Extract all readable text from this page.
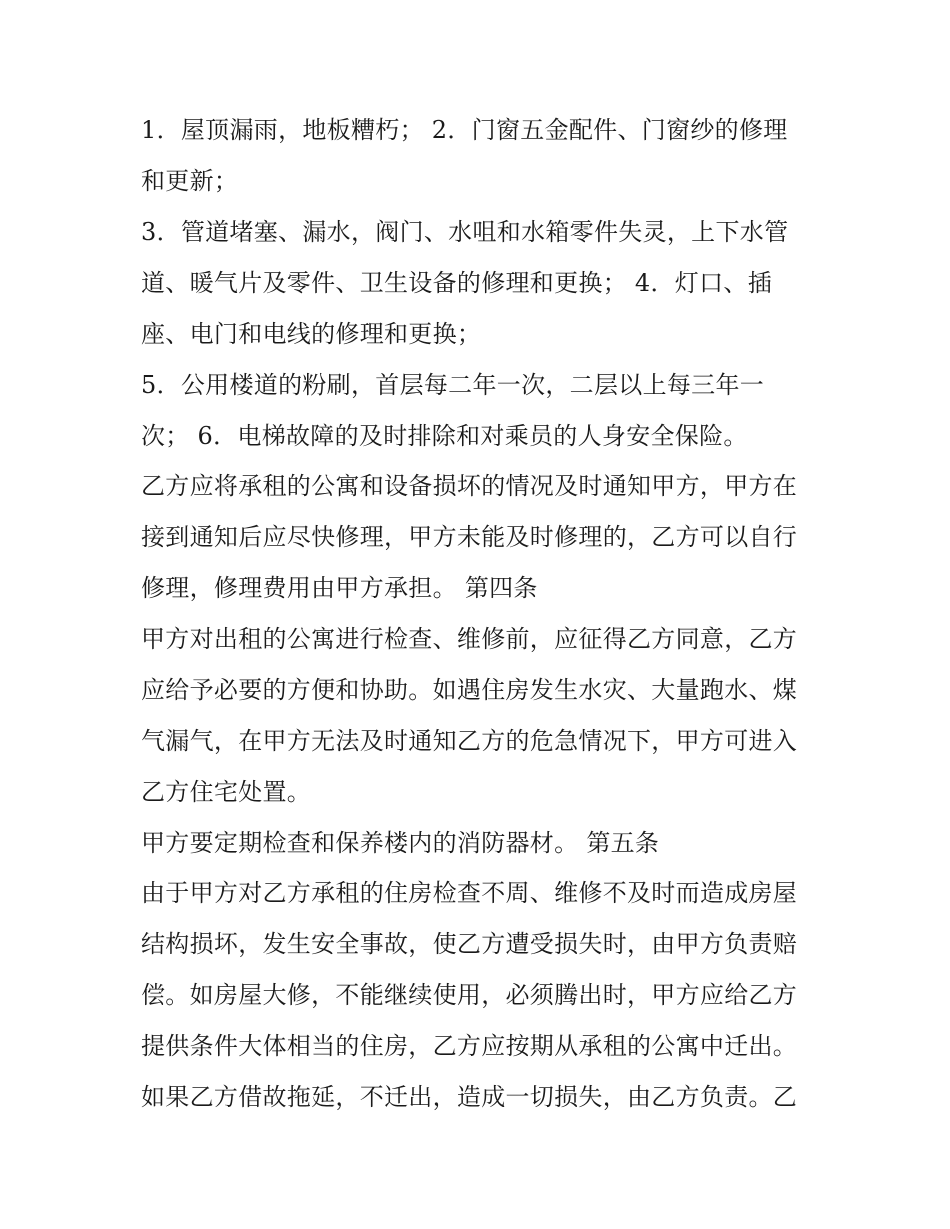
1．屋顶漏雨，地板糟朽； 2．门窗五金配件、门窗纱的修理
和更新；
3．管道堵塞、漏水，阀门、水咀和水箱零件失灵，上下水管
道、暖气片及零件、卫生设备的修理和更换； 4．灯口、插
座、电门和电线的修理和更换；
5．公用楼道的粉刷，首层每二年一次，二层以上每三年一
次； 6．电梯故障的及时排除和对乘员的人身安全保险。
乙方应将承租的公寓和设备损坏的情况及时通知甲方，甲方在
接到通知后应尽快修理，甲方未能及时修理的，乙方可以自行
修理，修理费用由甲方承担。 第四条
甲方对出租的公寓进行检查、维修前，应征得乙方同意，乙方
应给予必要的方便和协助。如遇住房发生水灾、大量跑水、煤
气漏气，在甲方无法及时通知乙方的危急情况下，甲方可进入
乙方住宅处置。
甲方要定期检查和保养楼内的消防器材。 第五条
由于甲方对乙方承租的住房检查不周、维修不及时而造成房屋
结构损坏，发生安全事故，使乙方遭受损失时，由甲方负责赔
偿。如房屋大修，不能继续使用，必须腾出时，甲方应给乙方
提供条件大体相当的住房，乙方应按期从承租的公寓中迁出。
如果乙方借故拖延，不迁出，造成一切损失，由乙方负责。乙
